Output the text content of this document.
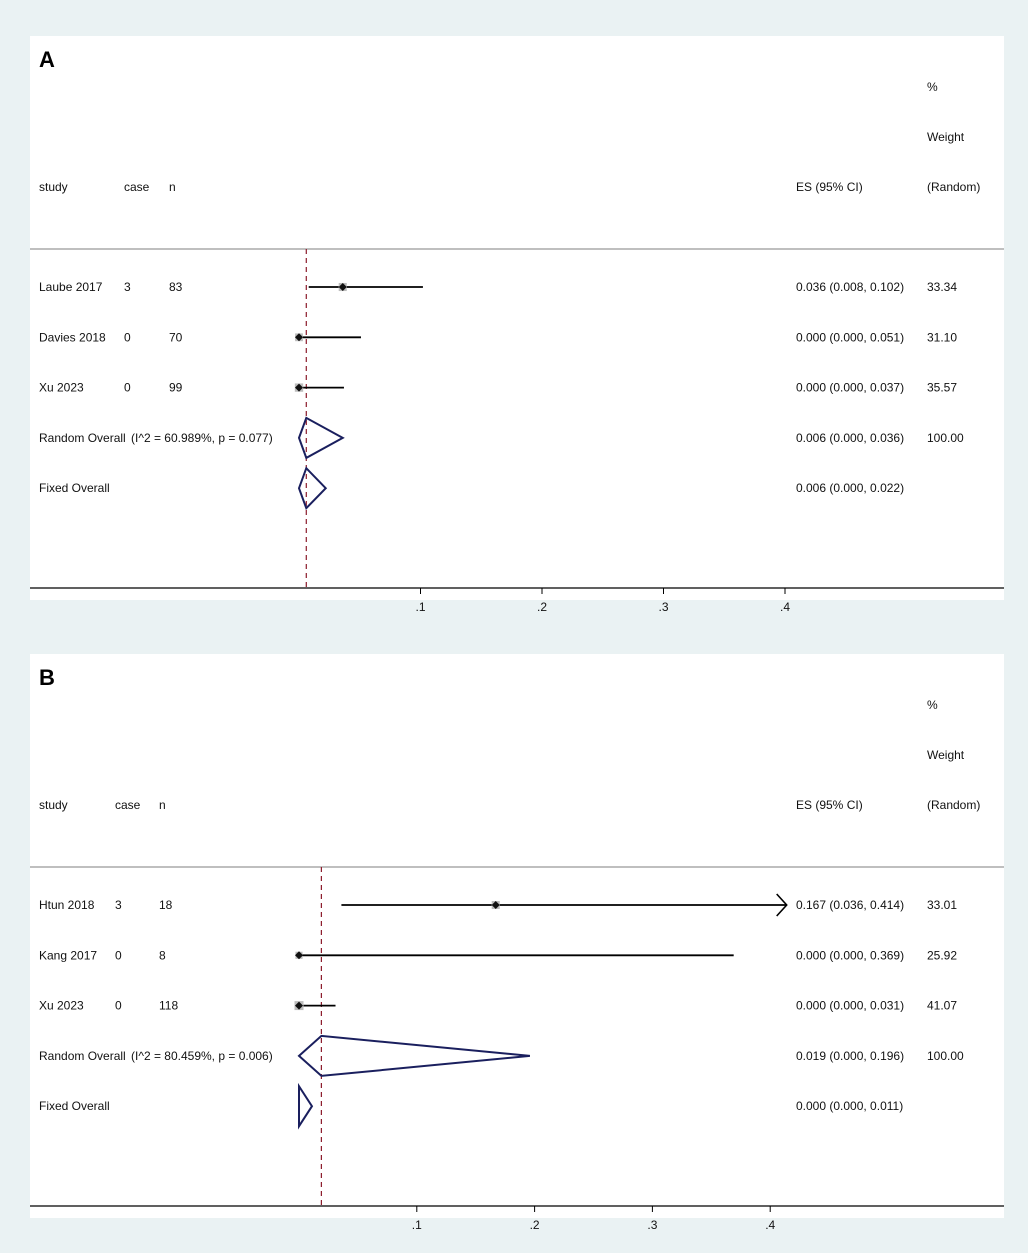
A
%
Weight
(Random)
study	case n	ES (95% CI)
Laube 2017 3	83	0.036 (0.008, 0.102) 33.34
Davies 2018 0	70	0.000 (0.000, 0.051) 31.10
Xu 2023	0	99	0.000 (0.000, 0.037) 35.57
Random Overall (I^2 = 60.989%, p = 0.077)	0.006 (0.000, 0.036) 100.00
Fixed Overall	0.006 (0.000, 0.022)
.1	.2	.3	.4
B
%
Weight
(Random)
study	case n	ES (95% CI)
Htun 2018 3	18	0.167 (0.036, 0.414) 33.01
Kang 2017 0	8	0.000 (0.000, 0.369) 25.92
Xu 2023	0	118	0.000 (0.000, 0.031) 41.07
Random Overall (I^2 = 80.459%, p = 0.006)	0.019 (0.000, 0.196) 100.00
Fixed Overall	0.000 (0.000, 0.011)
.1	.2	.3	.4
